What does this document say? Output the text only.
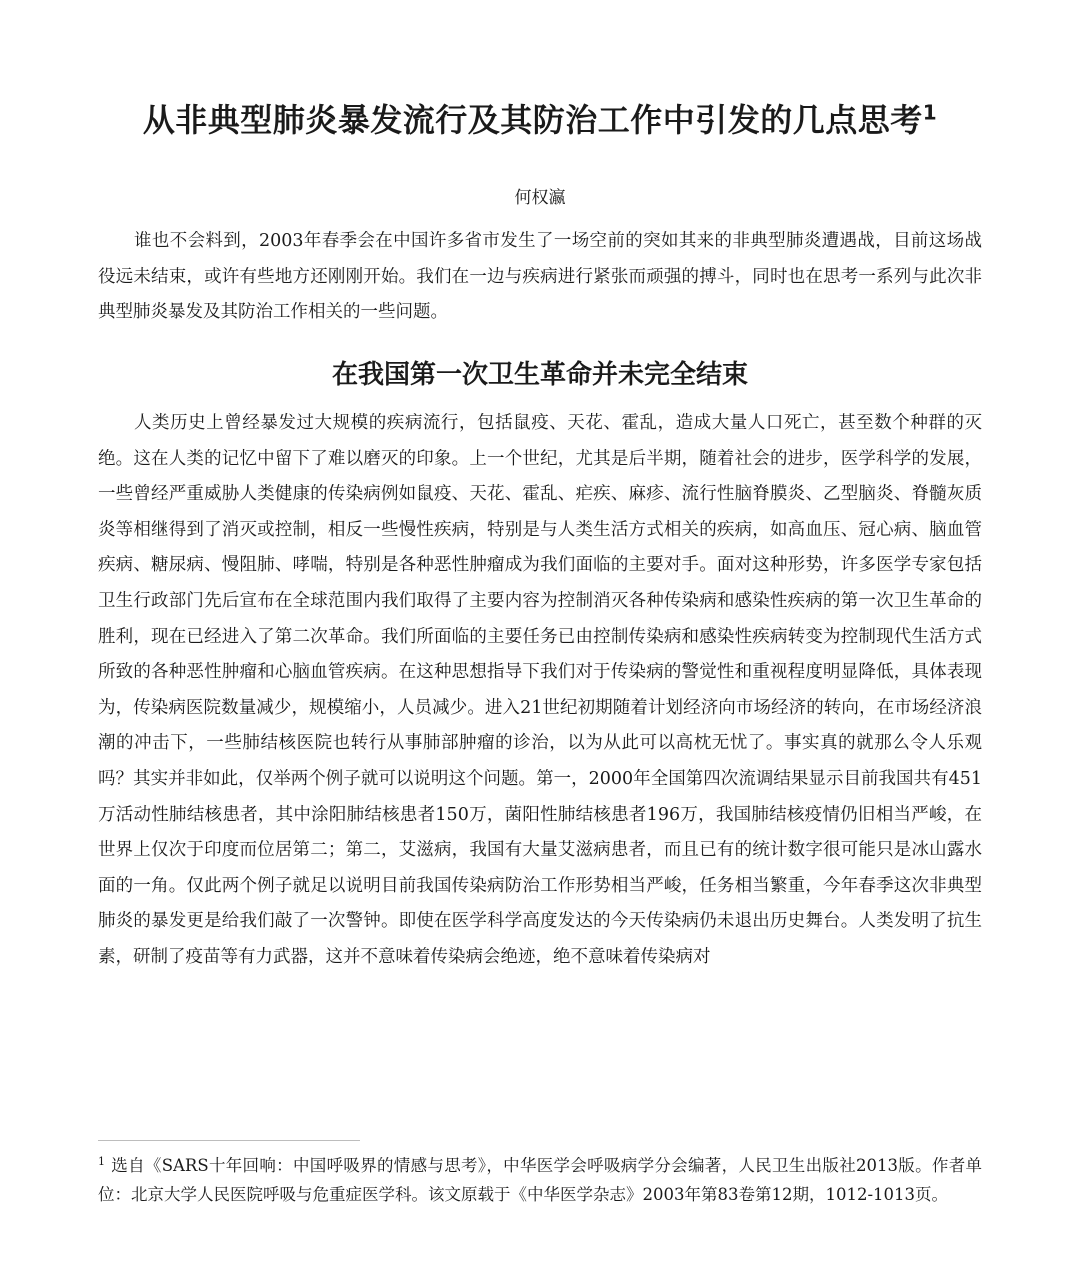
从非典型肺炎暴发流行及其防治工作中引发的几点思考$^1$
何权瀛

谁也不会料到，2003年春季会在中国许多省市发生了一场空前的突如其来的非典型肺炎遭遇战，目前这场战役远未结束，或许有些地方还刚刚开始。我们在一边与疾病进行紧张而顽强的搏斗，同时也在思考一系列与此次非典型肺炎暴发及其防治工作相关的一些问题。

在我国第一次卫生革命并未完全结束

人类历史上曾经暴发过大规模的疾病流行，包括鼠疫、天花、霍乱，造成大量人口死亡，甚至数个种群的灭绝。这在人类的记忆中留下了难以磨灭的印象。上一个世纪，尤其是后半期，随着社会的进步，医学科学的发展，一些曾经严重威胁人类健康的传染病例如鼠疫、天花、霍乱、疟疾、麻疹、流行性脑脊膜炎、乙型脑炎、脊髓灰质炎等相继得到了消灭或控制，相反一些慢性疾病，特别是与人类生活方式相关的疾病，如高血压、冠心病、脑血管疾病、糖尿病、慢阻肺、哮喘，特别是各种恶性肿瘤成为我们面临的主要对手。面对这种形势，许多医学专家包括卫生行政部门先后宣布在全球范围内我们取得了主要内容为控制消灭各种传染病和感染性疾病的第一次卫生革命的胜利，现在已经进入了第二次革命。我们所面临的主要任务已由控制传染病和感染性疾病转变为控制现代生活方式所致的各种恶性肿瘤和心脑血管疾病。在这种思想指导下我们对于传染病的警觉性和重视程度明显降低，具体表现为，传染病医院数量减少，规模缩小，人员减少。进入21世纪初期随着计划经济向市场经济的转向，在市场经济浪潮的冲击下，一些肺结核医院也转行从事肺部肿瘤的诊治，以为从此可以高枕无忧了。事实真的就那么令人乐观吗？其实并非如此，仅举两个例子就可以说明这个问题。第一，2000年全国第四次流调结果显示目前我国共有451万活动性肺结核患者，其中涂阳肺结核患者150万，菌阳性肺结核患者196万，我国肺结核疫情仍旧相当严峻，在世界上仅次于印度而位居第二；第二，艾滋病，我国有大量艾滋病患者，而且已有的统计数字很可能只是冰山露水面的一角。仅此两个例子就足以说明目前我国传染病防治工作形势相当严峻，任务相当繁重，今年春季这次非典型肺炎的暴发更是给我们敲了一次警钟。即使在医学科学高度发达的今天传染病仍未退出历史舞台。人类发明了抗生素，研制了疫苗等有力武器，这并不意味着传染病会绝迹，绝不意味着传染病对

$^1$ 选自《SARS十年回响：中国呼吸界的情感与思考》，中华医学会呼吸病学分会编著，人民卫生出版社2013版。作者单位：北京大学人民医院呼吸与危重症医学科。该文原载于《中华医学杂志》2003年第83卷第12期，1012-1013页。
